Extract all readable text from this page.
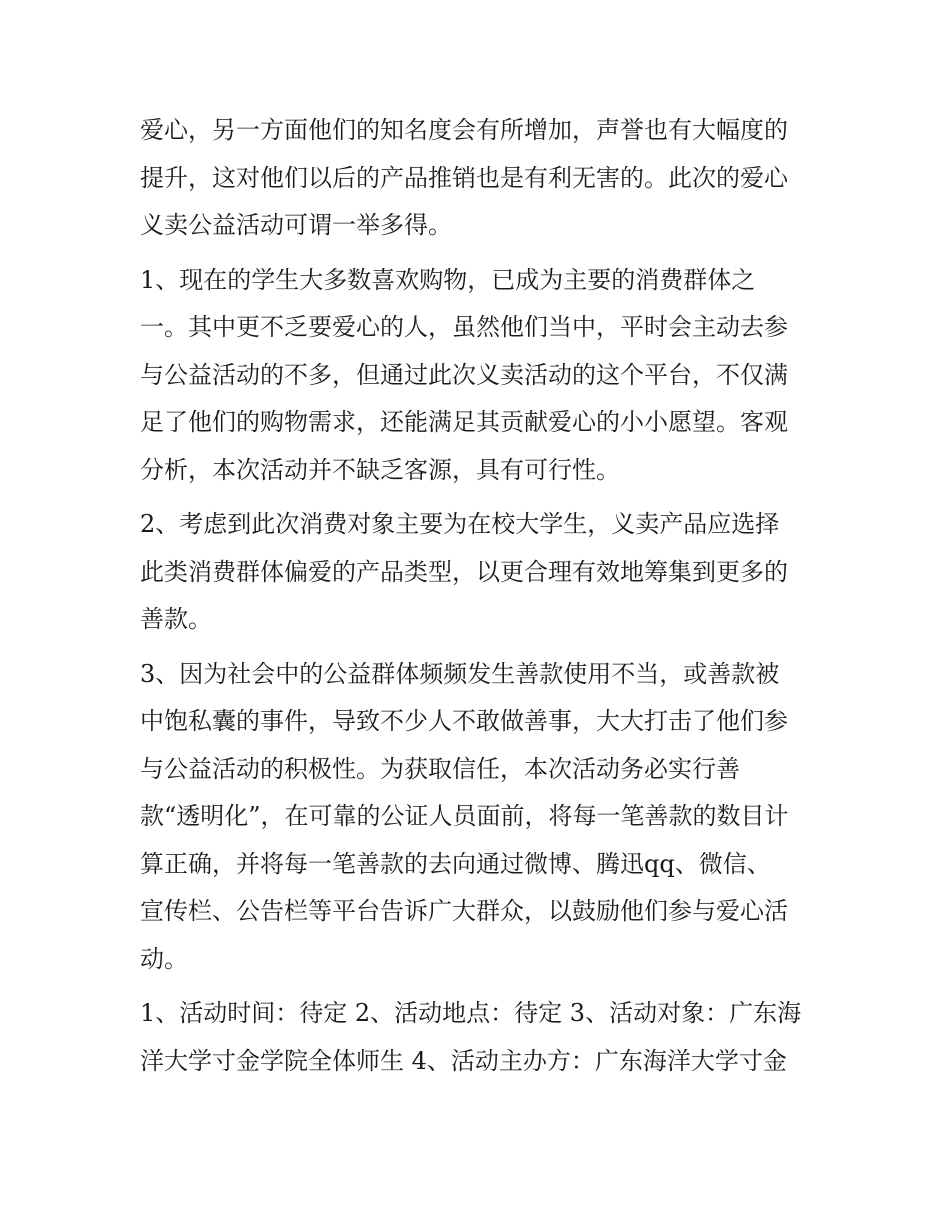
爱心，另一方面他们的知名度会有所增加，声誉也有大幅度的
提升，这对他们以后的产品推销也是有利无害的。此次的爱心
义卖公益活动可谓一举多得。
1、现在的学生大多数喜欢购物，已成为主要的消费群体之
一。其中更不乏要爱心的人，虽然他们当中，平时会主动去参
与公益活动的不多，但通过此次义卖活动的这个平台，不仅满
足了他们的购物需求，还能满足其贡献爱心的小小愿望。客观
分析，本次活动并不缺乏客源，具有可行性。
2、考虑到此次消费对象主要为在校大学生，义卖产品应选择
此类消费群体偏爱的产品类型，以更合理有效地筹集到更多的
善款。
3、因为社会中的公益群体频频发生善款使用不当，或善款被
中饱私囊的事件，导致不少人不敢做善事，大大打击了他们参
与公益活动的积极性。为获取信任，本次活动务必实行善
款“透明化”，在可靠的公证人员面前，将每一笔善款的数目计
算正确，并将每一笔善款的去向通过微博、腾迅qq、微信、
宣传栏、公告栏等平台告诉广大群众，以鼓励他们参与爱心活
动。
1、活动时间：待定 2、活动地点：待定 3、活动对象：广东海
洋大学寸金学院全体师生 4、活动主办方：广东海洋大学寸金
